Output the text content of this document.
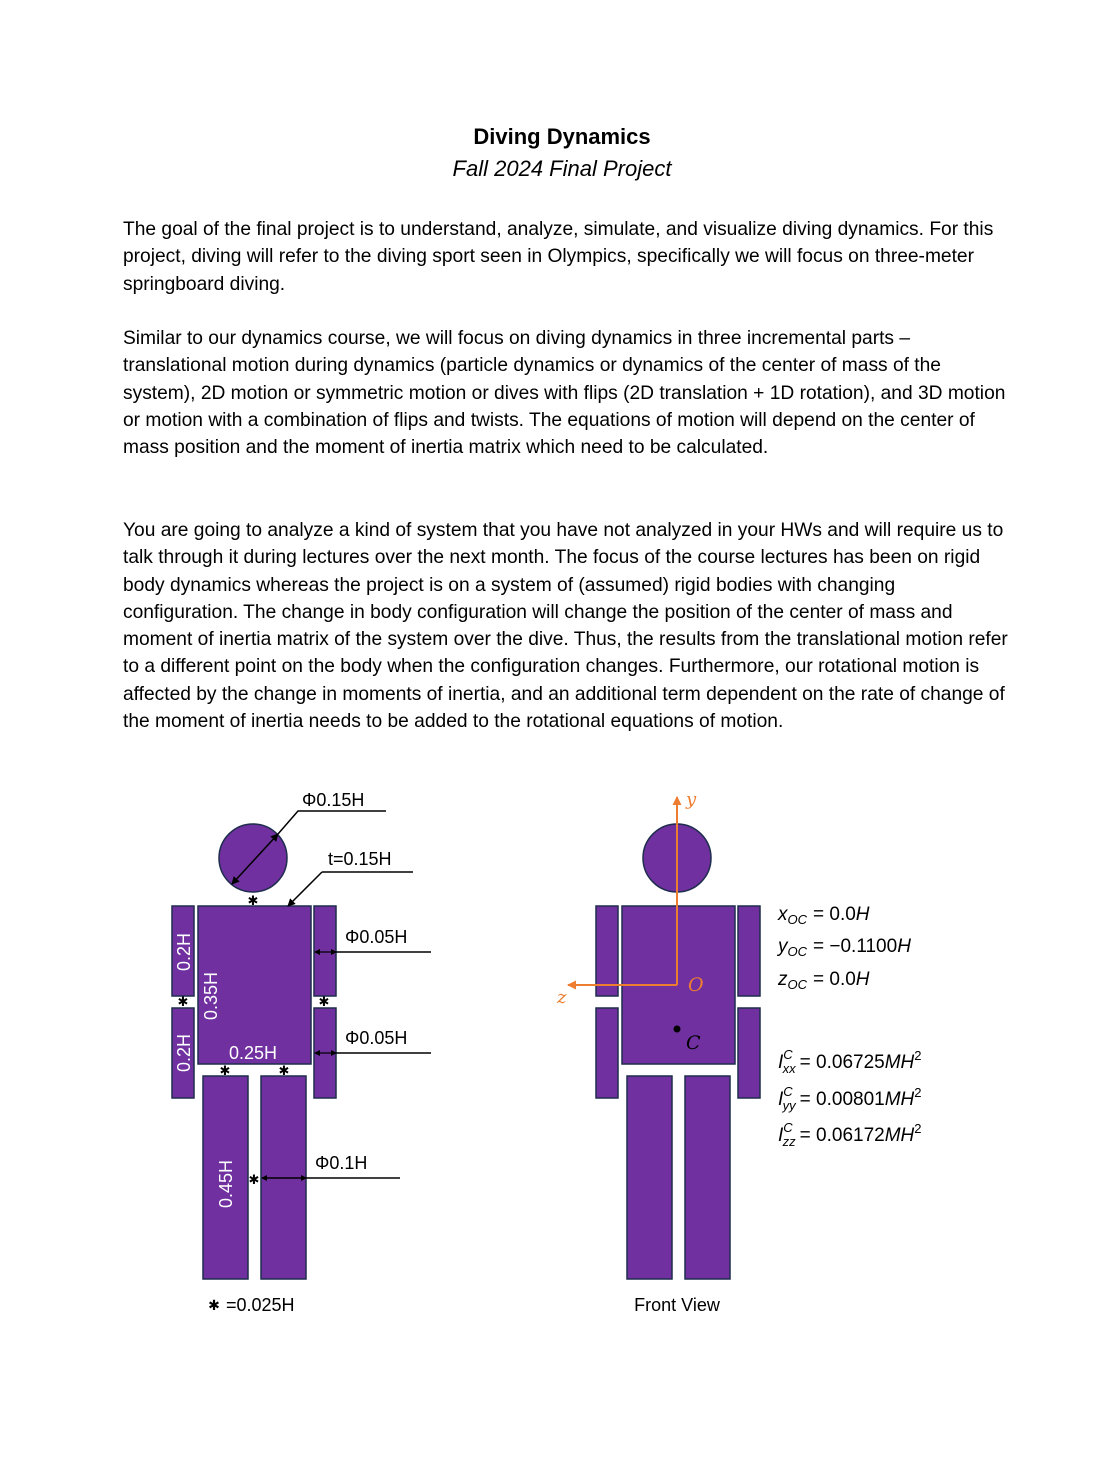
Diving Dynamics
Fall 2024 Final Project

The goal of the final project is to understand, analyze, simulate, and visualize diving dynamics. For this project, diving will refer to the diving sport seen in Olympics, specifically we will focus on three-meter springboard diving.

Similar to our dynamics course, we will focus on diving dynamics in three incremental parts – translational motion during dynamics (particle dynamics or dynamics of the center of mass of the system), 2D motion or symmetric motion or dives with flips (2D translation + 1D rotation), and 3D motion or motion with a combination of flips and twists. The equations of motion will depend on the center of mass position and the moment of inertia matrix which need to be calculated.

You are going to analyze a kind of system that you have not analyzed in your HWs and will require us to talk through it during lectures over the next month. The focus of the course lectures has been on rigid body dynamics whereas the project is on a system of (assumed) rigid bodies with changing configuration. The change in body configuration will change the position of the center of mass and moment of inertia matrix of the system over the dive. Thus, the results from the translational motion refer to a different point on the body when the configuration changes. Furthermore, our rotational motion is affected by the change in moments of inertia, and an additional term dependent on the rate of change of the moment of inertia needs to be added to the rotational equations of motion.

✱
✱	✱
✱	✱
✱
Φ0.15H
t=0.15H
Φ0.05H
Φ0.05H
Φ0.1H
0.2H
0.2H
0.35H
0.25H
0.45H
✱ =0.025H
y
z
O
C
Front View
$x_{OC} = 0.0H$
$y_{OC} = -0.1100H$
$z_{OC} = 0.0H$
$I^C$ xx = $0.06725MH^2$
$I^C$ yy = $0.00801MH^2$
$I^C$ zz = $0.06172MH^2$
